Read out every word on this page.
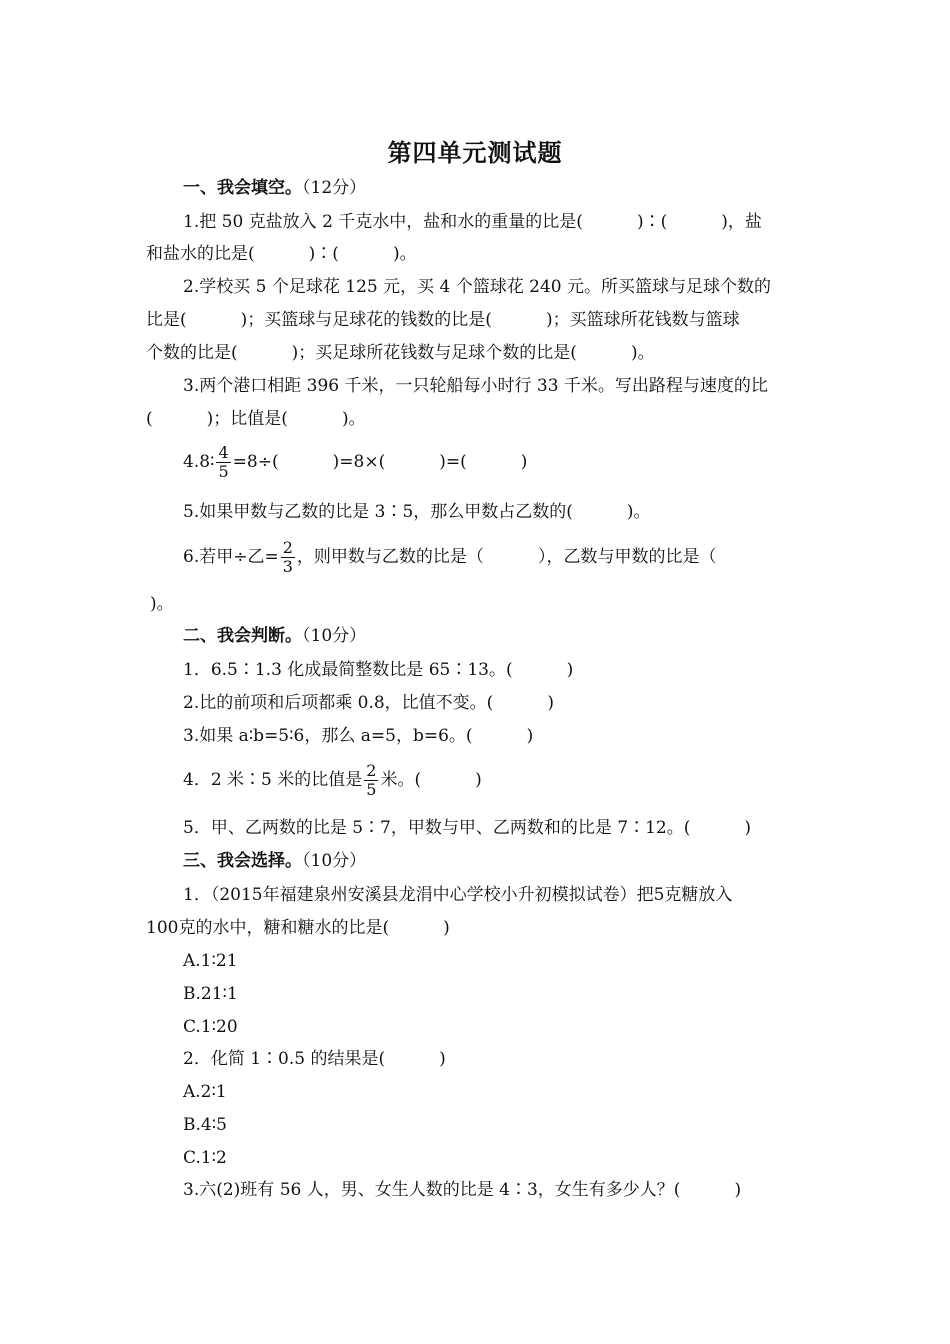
第四单元测试题
一、我会填空。（12分）
1.把 50 克盐放入 2 千克水中，盐和水的重量的比是(          )∶(          )，盐
和盐水的比是(          )∶(          )。
2.学校买 5 个足球花 125 元，买 4 个篮球花 240 元。所买篮球与足球个数的
比是(          )；买篮球与足球花的钱数的比是(          )；买篮球所花钱数与篮球
个数的比是(          )；买足球所花钱数与足球个数的比是(          )。
3.两个港口相距 396 千米，一只轮船每小时行 33 千米。写出路程与速度的比
(          )；比值是(          )。
4.8∶ $\frac{4}{5} =8\div$(          )=8×(          )=(          )
5.如果甲数与乙数的比是 3∶5，那么甲数占乙数的(          )。
6.若甲÷乙= $\frac{2}{3}$ ，则甲数与乙数的比是（          ），乙数与甲数的比是（
)。
二、我会判断。（10分）
1．6.5∶1.3 化成最简整数比是 65∶13。(          )
2.比的前项和后项都乘 0.8，比值不变。(          )
3.如果 a∶b=5∶6，那么 a=5，b=6。(          )
4．2 米∶5 米的比值是 $\frac{2}{5}$ 米。(          )
5．甲、乙两数的比是 5∶7，甲数与甲、乙两数和的比是 7∶12。(          )
三、我会选择。（10分）
1．（2015年福建泉州安溪县龙涓中心学校小升初模拟试卷）把5克糖放入
100克的水中，糖和糖水的比是(          )
A.1∶21
B.21∶1
C.1∶20
2．化简 1∶0.5 的结果是(          )
A.2∶1
B.4∶5
C.1∶2
3.六(2)班有 56 人，男、女生人数的比是 4∶3，女生有多少人？(          )
